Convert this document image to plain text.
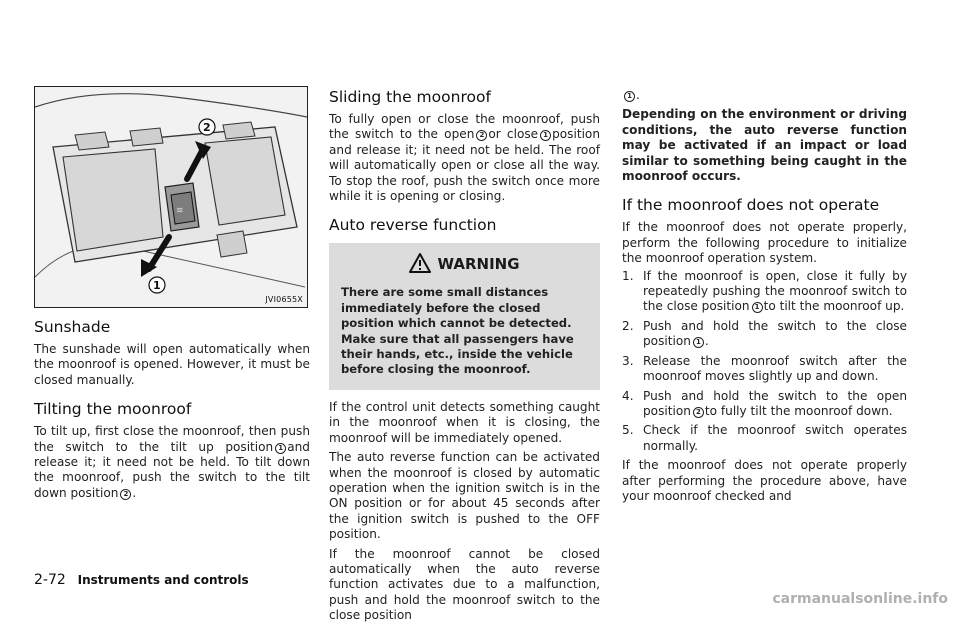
≋
2
1
JVI0655X
Sunshade

The sunshade will open automatically when the moonroof is opened. However, it must be closed manually.

Tilting the moonroof

To tilt up, first close the moonroof, then push the switch to the tilt up position 1 and release it; it need not be held. To tilt down the moonroof, push the switch to the tilt down position 2 .

Sliding the moonroof

To fully open or close the moonroof, push the switch to the open 2 or close 1 position and release it; it need not be held. The roof will automatically open or close all the way. To stop the roof, push the switch once more while it is opening or closing.

Auto reverse function
WARNING

There are some small distances immediately before the closed position which cannot be detected. Make sure that all passengers have their hands, etc., inside the vehicle before closing the moonroof.

If the control unit detects something caught in the moonroof when it is closing, the moonroof will be immediately opened.

The auto reverse function can be activated when the moonroof is closed by automatic operation when the ignition switch is in the ON position or for about 45 seconds after the ignition switch is pushed to the OFF position.

If the moonroof cannot be closed automatically when the auto reverse function activates due to a malfunction, push and hold the moonroof switch to the close position

1 .

Depending on the environment or driving conditions, the auto reverse function may be activated if an impact or load similar to something being caught in the moonroof occurs.

If the moonroof does not operate

If the moonroof does not operate properly, perform the following procedure to initialize the moonroof operation system.

1. If the moonroof is open, close it fully by repeatedly pushing the moonroof switch to the close position 1 to tilt the moonroof up.
2. Push and hold the switch to the close position 1 .
3. Release the moonroof switch after the moonroof moves slightly up and down.
4. Push and hold the switch to the open position 2 to fully tilt the moonroof down.
5. Check if the moonroof switch operates normally.

If the moonroof does not operate properly after performing the procedure above, have your moonroof checked and

2-72 Instruments and controls
carmanualsonline.info
